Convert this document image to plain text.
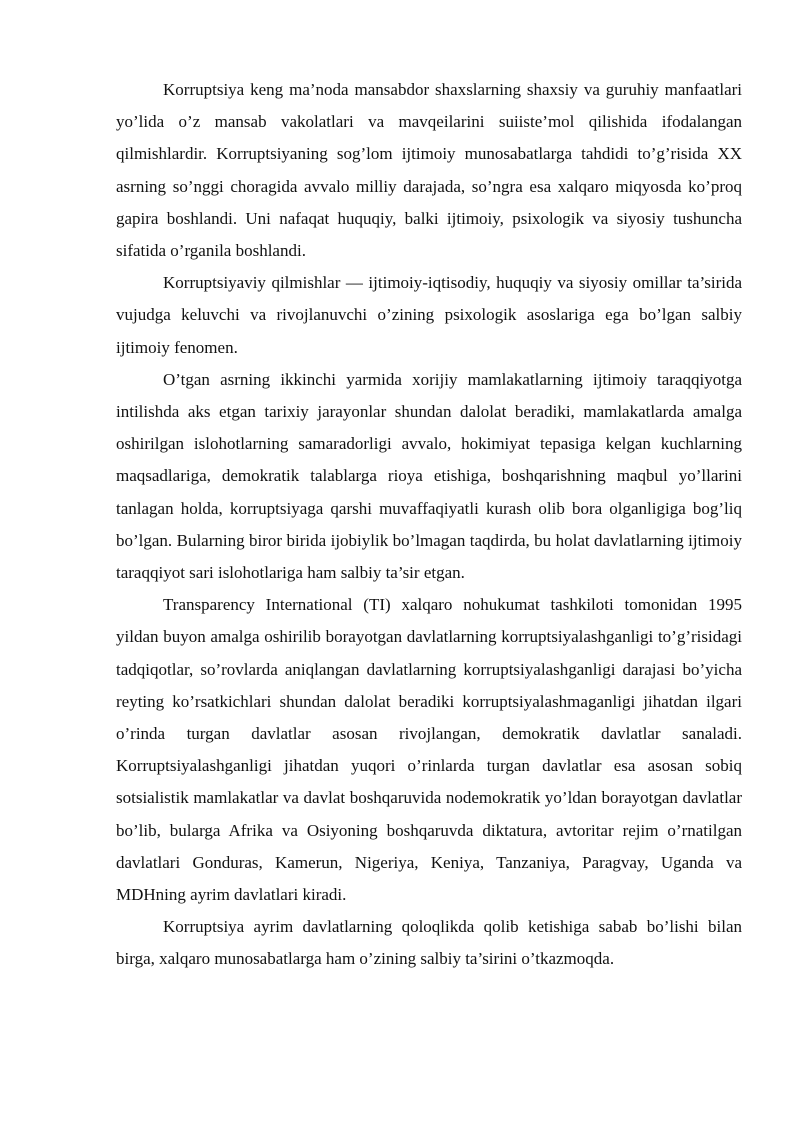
Korruptsiya keng ma’noda mansabdor shaxslarning shaxsiy va guruhiy manfaatlari yo’lida o’z mansab vakolatlari va mavqeilarini suiiste’mol qilishida ifodalangan qilmishlardir. Korruptsiyaning sog’lom ijtimoiy munosabatlarga tahdidi to’g’risida XX asrning so’nggi choragida avvalo milliy darajada, so’ngra esa xalqaro miqyosda ko’proq gapira boshlandi. Uni nafaqat huquqiy, balki ijtimoiy, psixologik va siyosiy tushuncha sifatida o’rganila boshlandi.

Korruptsiyaviy qilmishlar — ijtimoiy-iqtisodiy, huquqiy va siyosiy omillar ta’sirida vujudga keluvchi va rivojlanuvchi o’zining psixologik asoslariga ega bo’lgan salbiy ijtimoiy fenomen.

O’tgan asrning ikkinchi yarmida xorijiy mamlakatlarning ijtimoiy taraqqiyotga intilishda aks etgan tarixiy jarayonlar shundan dalolat beradiki, mamlakatlarda amalga oshirilgan islohotlarning samaradorligi avvalo, hokimiyat tepasiga kelgan kuchlarning maqsadlariga, demokratik talablarga rioya etishiga, boshqarishning maqbul yo’llarini tanlagan holda, korruptsiyaga qarshi muvaffaqiyatli kurash olib bora olganligiga bog’liq bo’lgan. Bularning biror birida ijobiylik bo’lmagan taqdirda, bu holat davlatlarning ijtimoiy taraqqiyot sari islohotlariga ham salbiy ta’sir etgan.

Transparency International (TI) xalqaro nohukumat tashkiloti tomonidan 1995 yildan buyon amalga oshirilib borayotgan davlatlarning korruptsiyalashganligi to’g’risidagi tadqiqotlar, so’rovlarda aniqlangan davlatlarning korruptsiyalashganligi darajasi bo’yicha reyting ko’rsatkichlari shundan dalolat beradiki korruptsiyalashmaganligi jihatdan ilgari o’rinda turgan davlatlar asosan rivojlangan, demokratik davlatlar sanaladi. Korruptsiyalashganligi jihatdan yuqori o’rinlarda turgan davlatlar esa asosan sobiq sotsialistik mamlakatlar va davlat boshqaruvida nodemokratik yo’ldan borayotgan davlatlar bo’lib, bularga Afrika va Osiyoning boshqaruvda diktatura, avtoritar rejim o’rnatilgan davlatlari Gonduras, Kamerun, Nigeriya, Keniya, Tanzaniya, Paragvay, Uganda va MDHning ayrim davlatlari kiradi.

Korruptsiya ayrim davlatlarning qoloqlikda qolib ketishiga sabab bo’lishi bilan birga, xalqaro munosabatlarga ham o’zining salbiy ta’sirini o’tkazmoqda.
